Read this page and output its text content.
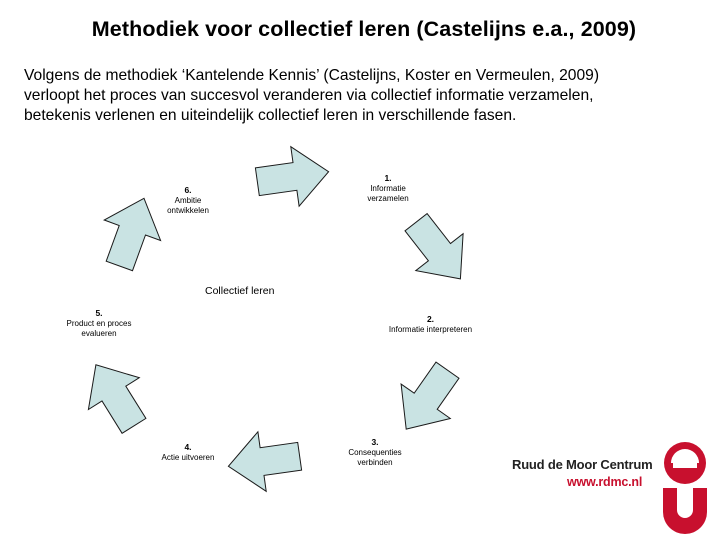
Methodiek voor collectief leren (Castelijns e.a., 2009)
Volgens de methodiek ‘Kantelende Kennis’ (Castelijns, Koster en Vermeulen, 2009)
verloopt het proces van succesvol veranderen via collectief informatie verzamelen,
betekenis verlenen en uiteindelijk collectief leren in verschillende fasen.
Collectief leren
1.
Informatie
verzamelen
2.
Informatie interpreteren
3.
Consequenties
verbinden
4.
Actie uitvoeren
5.
Product en proces
evalueren
6.
Ambitie
ontwikkelen
Ruud de Moor Centrum
www.rdmc.nl
